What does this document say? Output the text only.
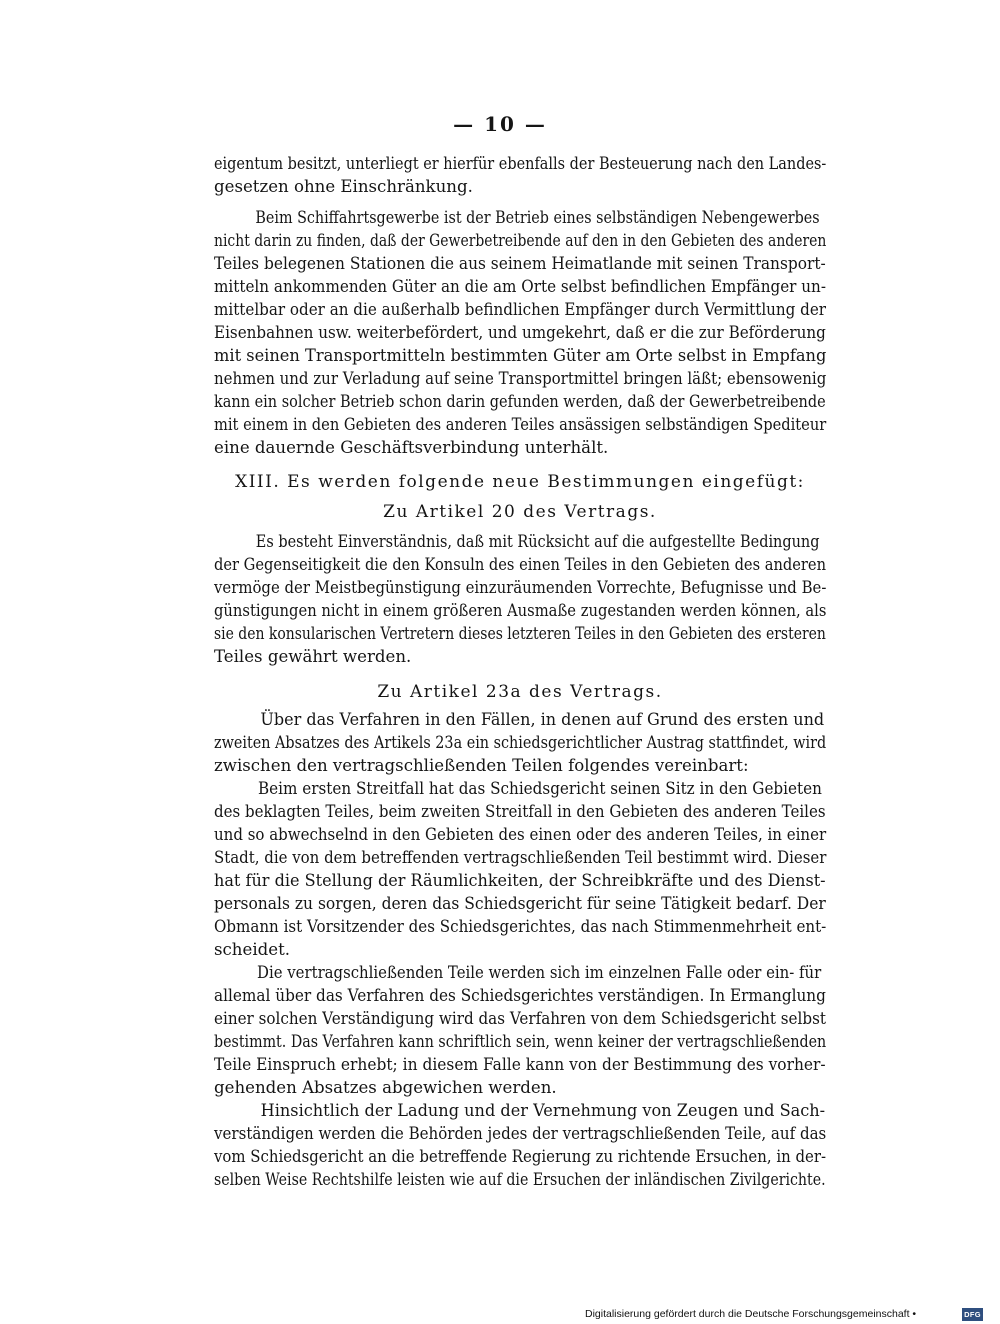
— 10 —
eigentum besitzt, unterliegt er hierfür ebenfalls der Besteuerung nach den Landes-
gesetzen ohne Einschränkung.
Beim Schiffahrtsgewerbe ist der Betrieb eines selbständigen Nebengewerbes
nicht darin zu finden, daß der Gewerbetreibende auf den in den Gebieten des anderen
Teiles belegenen Stationen die aus seinem Heimatlande mit seinen Transport-
mitteln ankommenden Güter an die am Orte selbst befindlichen Empfänger un-
mittelbar oder an die außerhalb befindlichen Empfänger durch Vermittlung der
Eisenbahnen usw. weiterbefördert, und umgekehrt, daß er die zur Beförderung
mit seinen Transportmitteln bestimmten Güter am Orte selbst in Empfang
nehmen und zur Verladung auf seine Transportmittel bringen läßt; ebensowenig
kann ein solcher Betrieb schon darin gefunden werden, daß der Gewerbetreibende
mit einem in den Gebieten des anderen Teiles ansässigen selbständigen Spediteur
eine dauernde Geschäftsverbindung unterhält.
XIII. Es werden folgende neue Bestimmungen eingefügt:
Zu Artikel 20 des Vertrags.
Es besteht Einverständnis, daß mit Rücksicht auf die aufgestellte Bedingung
der Gegenseitigkeit die den Konsuln des einen Teiles in den Gebieten des anderen
vermöge der Meistbegünstigung einzuräumenden Vorrechte, Befugnisse und Be-
günstigungen nicht in einem größeren Ausmaße zugestanden werden können, als
sie den konsularischen Vertretern dieses letzteren Teiles in den Gebieten des ersteren
Teiles gewährt werden.
Zu Artikel 23a des Vertrags.
Über das Verfahren in den Fällen, in denen auf Grund des ersten und
zweiten Absatzes des Artikels 23a ein schiedsgerichtlicher Austrag stattfindet, wird
zwischen den vertragschließenden Teilen folgendes vereinbart:
Beim ersten Streitfall hat das Schiedsgericht seinen Sitz in den Gebieten
des beklagten Teiles, beim zweiten Streitfall in den Gebieten des anderen Teiles
und so abwechselnd in den Gebieten des einen oder des anderen Teiles, in einer
Stadt, die von dem betreffenden vertragschließenden Teil bestimmt wird. Dieser
hat für die Stellung der Räumlichkeiten, der Schreibkräfte und des Dienst-
personals zu sorgen, deren das Schiedsgericht für seine Tätigkeit bedarf. Der
Obmann ist Vorsitzender des Schiedsgerichtes, das nach Stimmenmehrheit ent-
scheidet.
Die vertragschließenden Teile werden sich im einzelnen Falle oder ein- für
allemal über das Verfahren des Schiedsgerichtes verständigen. In Ermanglung
einer solchen Verständigung wird das Verfahren von dem Schiedsgericht selbst
bestimmt. Das Verfahren kann schriftlich sein, wenn keiner der vertragschließenden
Teile Einspruch erhebt; in diesem Falle kann von der Bestimmung des vorher-
gehenden Absatzes abgewichen werden.
Hinsichtlich der Ladung und der Vernehmung von Zeugen und Sach-
verständigen werden die Behörden jedes der vertragschließenden Teile, auf das
vom Schiedsgericht an die betreffende Regierung zu richtende Ersuchen, in der-
selben Weise Rechtshilfe leisten wie auf die Ersuchen der inländischen Zivilgerichte.
Digitalisierung gefördert durch die Deutsche Forschungsgemeinschaft •	DFG
